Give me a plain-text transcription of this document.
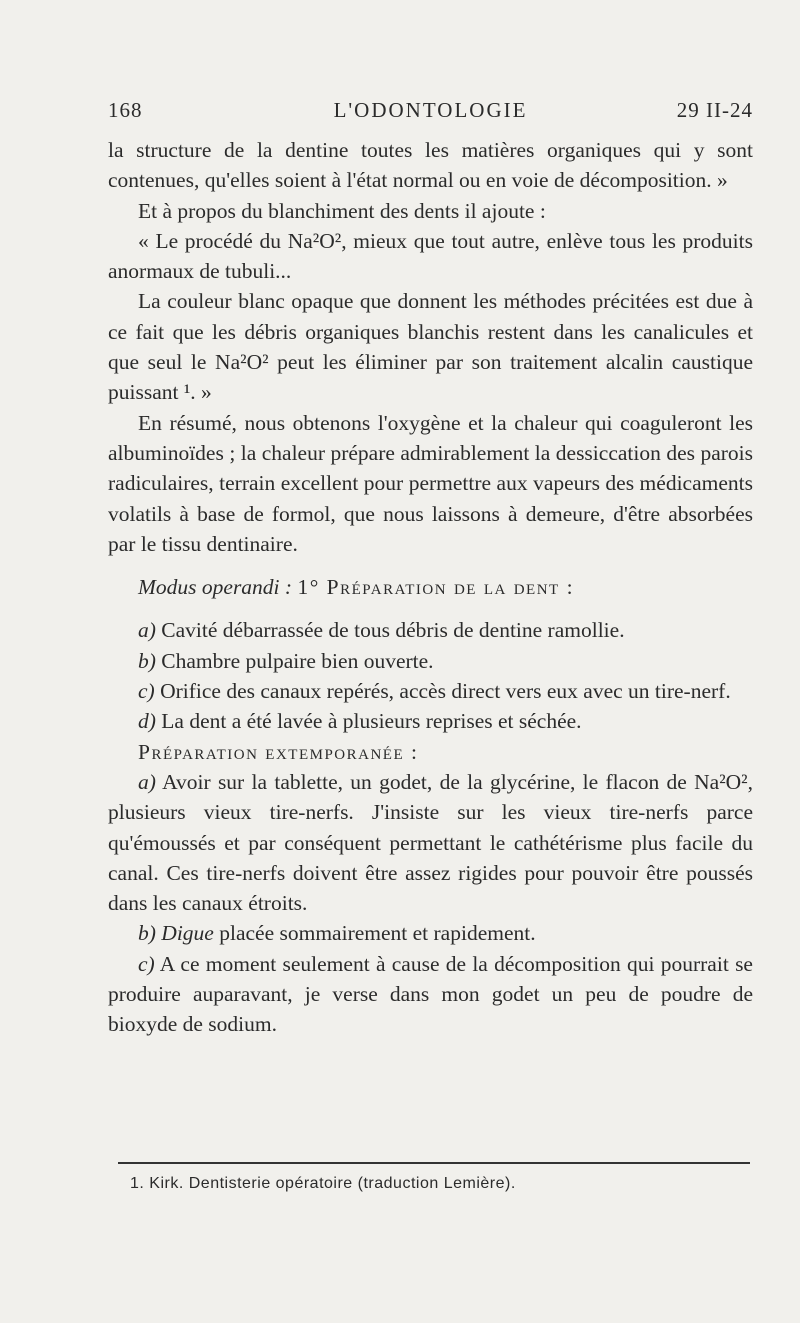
168	L'ODONTOLOGIE	29 II-24

la structure de la dentine toutes les matières organiques qui y sont contenues, qu'elles soient à l'état normal ou en voie de décomposition. »

Et à propos du blanchiment des dents il ajoute :

« Le procédé du Na²O², mieux que tout autre, enlève tous les produits anormaux de tubuli...

La couleur blanc opaque que donnent les méthodes précitées est due à ce fait que les débris organiques blanchis restent dans les canalicules et que seul le Na²O² peut les éliminer par son traitement alcalin caustique puissant ¹. »

En résumé, nous obtenons l'oxygène et la chaleur qui coaguleront les albuminoïdes ; la chaleur prépare admirablement la dessiccation des parois radiculaires, terrain excellent pour permettre aux vapeurs des médicaments volatils à base de formol, que nous laissons à demeure, d'être absorbées par le tissu dentinaire.

Modus operandi : 1° Préparation de la dent :

a) Cavité débarrassée de tous débris de dentine ramollie.

b) Chambre pulpaire bien ouverte.

c) Orifice des canaux repérés, accès direct vers eux avec un tire-nerf.

d) La dent a été lavée à plusieurs reprises et séchée.

Préparation extemporanée :

a) Avoir sur la tablette, un godet, de la glycérine, le flacon de Na²O², plusieurs vieux tire-nerfs. J'insiste sur les vieux tire-nerfs parce qu'émoussés et par conséquent permettant le cathétérisme plus facile du canal. Ces tire-nerfs doivent être assez rigides pour pouvoir être poussés dans les canaux étroits.

b) Digue placée sommairement et rapidement.

c) A ce moment seulement à cause de la décomposition qui pourrait se produire auparavant, je verse dans mon godet un peu de poudre de bioxyde de sodium.

1. Kirk. Dentisterie opératoire (traduction Lemière).
